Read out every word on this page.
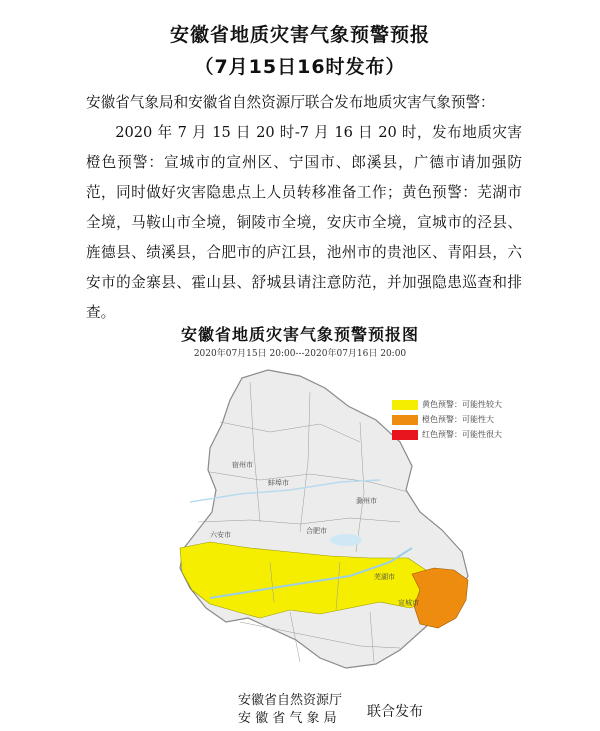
安徽省地质灾害气象预警预报
（7月15日16时发布）
安徽省气象局和安徽省自然资源厅联合发布地质灾害气象预警：
2020 年 7 月 15 日 20 时-7 月 16 日 20 时，发布地质灾害橙色预警：宣城市的宣州区、宁国市、郎溪县，广德市请加强防范，同时做好灾害隐患点上人员转移准备工作；黄色预警：芜湖市全境，马鞍山市全境，铜陵市全境，安庆市全境，宣城市的泾县、旌德县、绩溪县，合肥市的庐江县，池州市的贵池区、青阳县，六安市的金寨县、霍山县、舒城县请注意防范，并加强隐患巡查和排查。
安徽省地质灾害气象预警预报图
2020年07月15日 20:00---2020年07月16日 20:00
黄色预警：可能性较大
橙色预警：可能性大
红色预警：可能性很大
宿州市
蚌埠市
滁州市
六安市	合肥市
芜湖市
宣城市
安徽省自然资源厅
安 徽 省 气 象 局	联合发布
